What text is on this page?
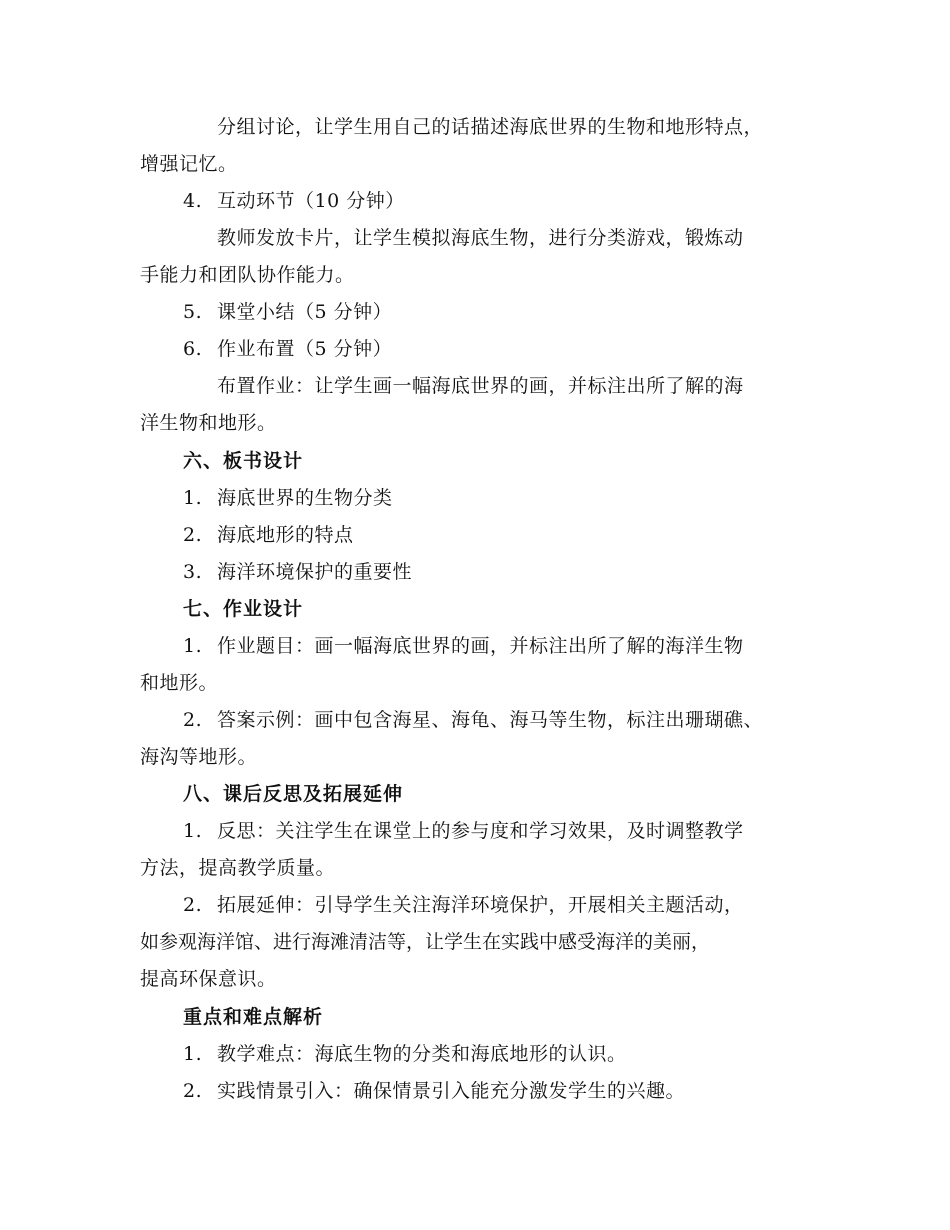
分组讨论，让学生用自己的话描述海底世界的生物和地形特点，
增强记忆。
4. 互动环节（10 分钟）
教师发放卡片，让学生模拟海底生物，进行分类游戏，锻炼动
手能力和团队协作能力。
5. 课堂小结（5 分钟）
6. 作业布置（5 分钟）
布置作业：让学生画一幅海底世界的画，并标注出所了解的海
洋生物和地形。
六、板书设计
1. 海底世界的生物分类
2. 海底地形的特点
3. 海洋环境保护的重要性
七、作业设计
1. 作业题目：画一幅海底世界的画，并标注出所了解的海洋生物
和地形。
2. 答案示例：画中包含海星、海龟、海马等生物，标注出珊瑚礁、
海沟等地形。
八、课后反思及拓展延伸
1. 反思：关注学生在课堂上的参与度和学习效果，及时调整教学
方法，提高教学质量。
2. 拓展延伸：引导学生关注海洋环境保护，开展相关主题活动，
如参观海洋馆、进行海滩清洁等，让学生在实践中感受海洋的美丽，
提高环保意识。
重点和难点解析
1. 教学难点：海底生物的分类和海底地形的认识。
2. 实践情景引入：确保情景引入能充分激发学生的兴趣。
